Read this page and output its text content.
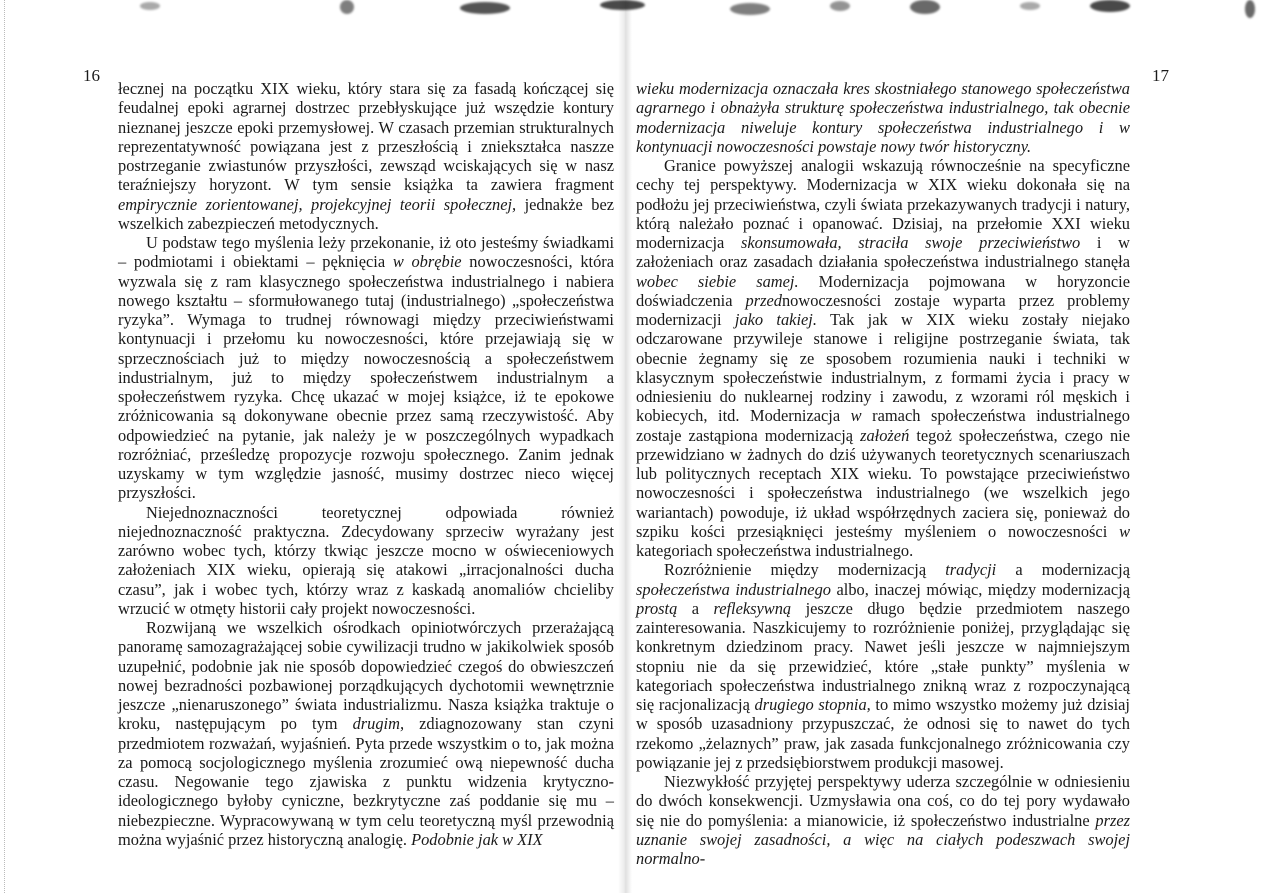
16	17

łecznej na początku XIX wieku, który stara się za fasadą kończącej się feudalnej epoki agrarnej dostrzec przebłyskujące już wszędzie kontury nieznanej jeszcze epoki przemysłowej. W czasach przemian strukturalnych reprezentatywność powiązana jest z przeszłością i zniekształca naszze postrzeganie zwiastunów przyszłości, zewsząd wciskających się w nasz teraźniejszy horyzont. W tym sensie książka ta zawiera fragment empirycznie zorientowanej, projekcyjnej teorii społecznej, jednakże bez wszelkich zabezpieczeń metodycznych.

U podstaw tego myślenia leży przekonanie, iż oto jesteśmy świadkami – podmiotami i obiektami – pęknięcia w obrębie nowoczesności, która wyzwala się z ram klasycznego społeczeństwa industrialnego i nabiera nowego kształtu – sformułowanego tutaj (industrialnego) „społeczeństwa ryzyka”. Wymaga to trudnej równowagi między przeciwieństwami kontynuacji i przełomu ku nowoczesności, które przejawiają się w sprzecznościach już to między nowoczesnością a społeczeństwem industrialnym, już to między społeczeństwem industrialnym a społeczeństwem ryzyka. Chcę ukazać w mojej książce, iż te epokowe zróżnicowania są dokonywane obecnie przez samą rzeczywistość. Aby odpowiedzieć na pytanie, jak należy je w poszczególnych wypadkach rozróżniać, prześledzę propozycje rozwoju społecznego. Zanim jednak uzyskamy w tym względzie jasność, musimy dostrzec nieco więcej przyszłości.

Niejednoznaczności teoretycznej odpowiada również niejednoznaczność praktyczna. Zdecydowany sprzeciw wyrażany jest zarówno wobec tych, którzy tkwiąc jeszcze mocno w oświeceniowych założeniach XIX wieku, opierają się atakowi „irracjonalności ducha czasu”, jak i wobec tych, którzy wraz z kaskadą anomaliów chcieliby wrzucić w otmęty historii cały projekt nowoczesności.

Rozwijaną we wszelkich ośrodkach opiniotwórczych przerażającą panoramę samozagrażającej sobie cywilizacji trudno w jakikolwiek sposób uzupełnić, podobnie jak nie sposób dopowiedzieć czegoś do obwieszczeń nowej bezradności pozbawionej porządkujących dychotomii wewnętrznie jeszcze „nienaruszonego” świata industrializmu. Nasza książka traktuje o kroku, następującym po tym drugim, zdiagnozowany stan czyni przedmiotem rozważań, wyjaśnień. Pyta przede wszystkim o to, jak można za pomocą socjologicznego myślenia zrozumieć ową niepewność ducha czasu. Negowanie tego zjawiska z punktu widzenia krytyczno-ideologicznego byłoby cyniczne, bezkrytyczne zaś poddanie się mu – niebezpieczne. Wypracowywaną w tym celu teoretyczną myśl przewodnią można wyjaśnić przez historyczną analogię. Podobnie jak w XIX

wieku modernizacja oznaczała kres skostniałego stanowego społeczeństwa agrarnego i obnażyła strukturę społeczeństwa industrialnego, tak obecnie modernizacja niweluje kontury społeczeństwa industrialnego i w kontynuacji nowoczesności powstaje nowy twór historyczny.

Granice powyższej analogii wskazują równocześnie na specyficzne cechy tej perspektywy. Modernizacja w XIX wieku dokonała się na podłożu jej przeciwieństwa, czyli świata przekazywanych tradycji i natury, którą należało poznać i opanować. Dzisiaj, na przełomie XXI wieku modernizacja skonsumowała, straciła swoje przeciwieństwo i w założeniach oraz zasadach działania społeczeństwa industrialnego stanęła wobec siebie samej. Modernizacja pojmowana w horyzoncie doświadczenia przednowoczesności zostaje wyparta przez problemy modernizacji jako takiej. Tak jak w XIX wieku zostały niejako odczarowane przywileje stanowe i religijne postrzeganie świata, tak obecnie żegnamy się ze sposobem rozumienia nauki i techniki w klasycznym społeczeństwie industrialnym, z formami życia i pracy w odniesieniu do nuklearnej rodziny i zawodu, z wzorami ról męskich i kobiecych, itd. Modernizacja w ramach społeczeństwa industrialnego zostaje zastąpiona modernizacją założeń tegoż społeczeństwa, czego nie przewidziano w żadnych do dziś używanych teoretycznych scenariuszach lub politycznych receptach XIX wieku. To powstające przeciwieństwo nowoczesności i społeczeństwa industrialnego (we wszelkich jego wariantach) powoduje, iż układ współrzędnych zaciera się, ponieważ do szpiku kości przesiąknięci jesteśmy myśleniem o nowoczesności w kategoriach społeczeństwa industrialnego.

Rozróżnienie między modernizacją tradycji a modernizacją społeczeństwa industrialnego albo, inaczej mówiąc, między modernizacją prostą a refleksywną jeszcze długo będzie przedmiotem naszego zainteresowania. Naszkicujemy to rozróżnienie poniżej, przyglądając się konkretnym dziedzinom pracy. Nawet jeśli jeszcze w najmniejszym stopniu nie da się przewidzieć, które „stałe punkty” myślenia w kategoriach społeczeństwa industrialnego znikną wraz z rozpoczynającą się racjonalizacją drugiego stopnia, to mimo wszystko możemy już dzisiaj w sposób uzasadniony przypuszczać, że odnosi się to nawet do tych rzekomo „żelaznych” praw, jak zasada funkcjonalnego zróżnicowania czy powiązanie jej z przedsiębiorstwem produkcji masowej.

Niezwykłość przyjętej perspektywy uderza szczególnie w odniesieniu do dwóch konsekwencji. Uzmysławia ona coś, co do tej pory wydawało się nie do pomyślenia: a mianowicie, iż społeczeństwo industrialne przez uznanie swojej zasadności, a więc na ciałych podeszwach swojej normalno-
